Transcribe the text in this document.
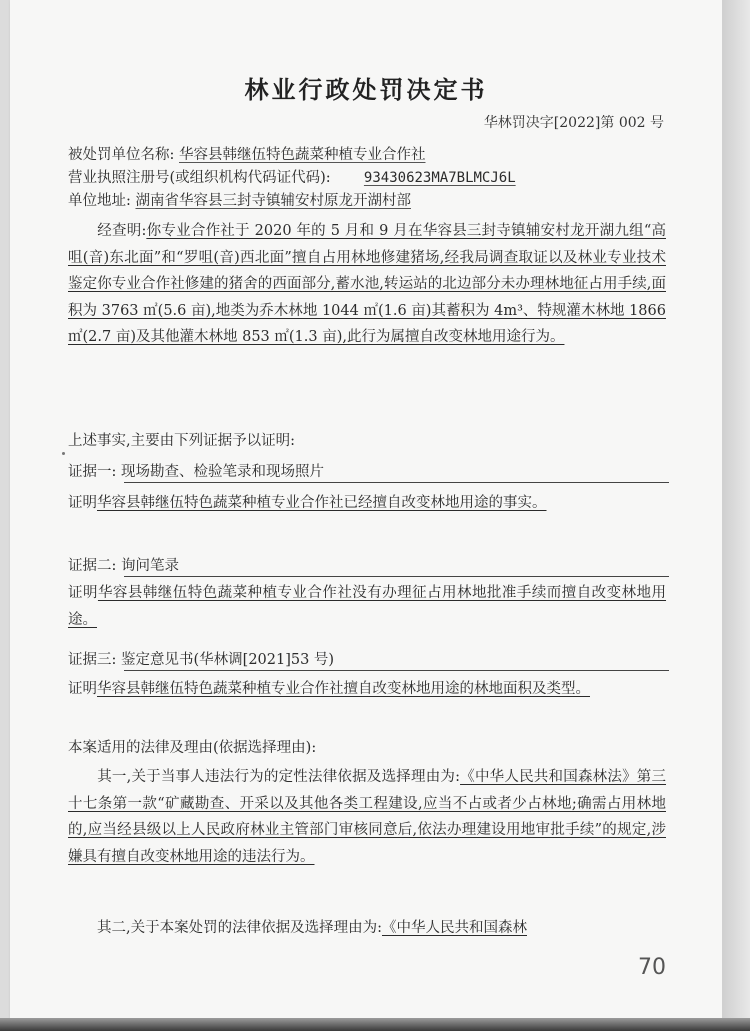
林业行政处罚决定书
华林罚决字[2022]第 002 号
被处罚单位名称: 华容县韩继伍特色蔬菜种植专业合作社
营业执照注册号(或组织机构代码证代码): 93430623MA7BLMCJ6L
单位地址: 湖南省华容县三封寺镇辅安村原龙开湖村部
经查明:你专业合作社于 2020 年的 5 月和 9 月在华容县三封寺镇辅安村龙开湖九组“高咀(音)东北面”和“罗咀(音)西北面”擅自占用林地修建猪场,经我局调查取证以及林业专业技术鉴定你专业合作社修建的猪舍的西面部分,蓄水池,转运站的北边部分未办理林地征占用手续,面积为 3763 ㎡(5.6 亩),地类为乔木林地 1044 ㎡(1.6 亩)其蓄积为 4m³、特规灌木林地 1866 ㎡(2.7 亩)及其他灌木林地 853 ㎡(1.3 亩),此行为属擅自改变林地用途行为。
上述事实,主要由下列证据予以证明:
证据一: 现场勘查、检验笔录和现场照片
证明华容县韩继伍特色蔬菜种植专业合作社已经擅自改变林地用途的事实。
证据二: 询问笔录
证明华容县韩继伍特色蔬菜种植专业合作社没有办理征占用林地批准手续而擅自改变林地用途。
证据三: 鉴定意见书(华林调[2021]53 号)
证明华容县韩继伍特色蔬菜种植专业合作社擅自改变林地用途的林地面积及类型。
本案适用的法律及理由(依据选择理由):
其一,关于当事人违法行为的定性法律依据及选择理由为:《中华人民共和国森林法》第三十七条第一款“矿藏勘查、开采以及其他各类工程建设,应当不占或者少占林地;确需占用林地的,应当经县级以上人民政府林业主管部门审核同意后,依法办理建设用地审批手续”的规定,涉嫌具有擅自改变林地用途的违法行为。
其二,关于本案处罚的法律依据及选择理由为:《中华人民共和国森林
70
